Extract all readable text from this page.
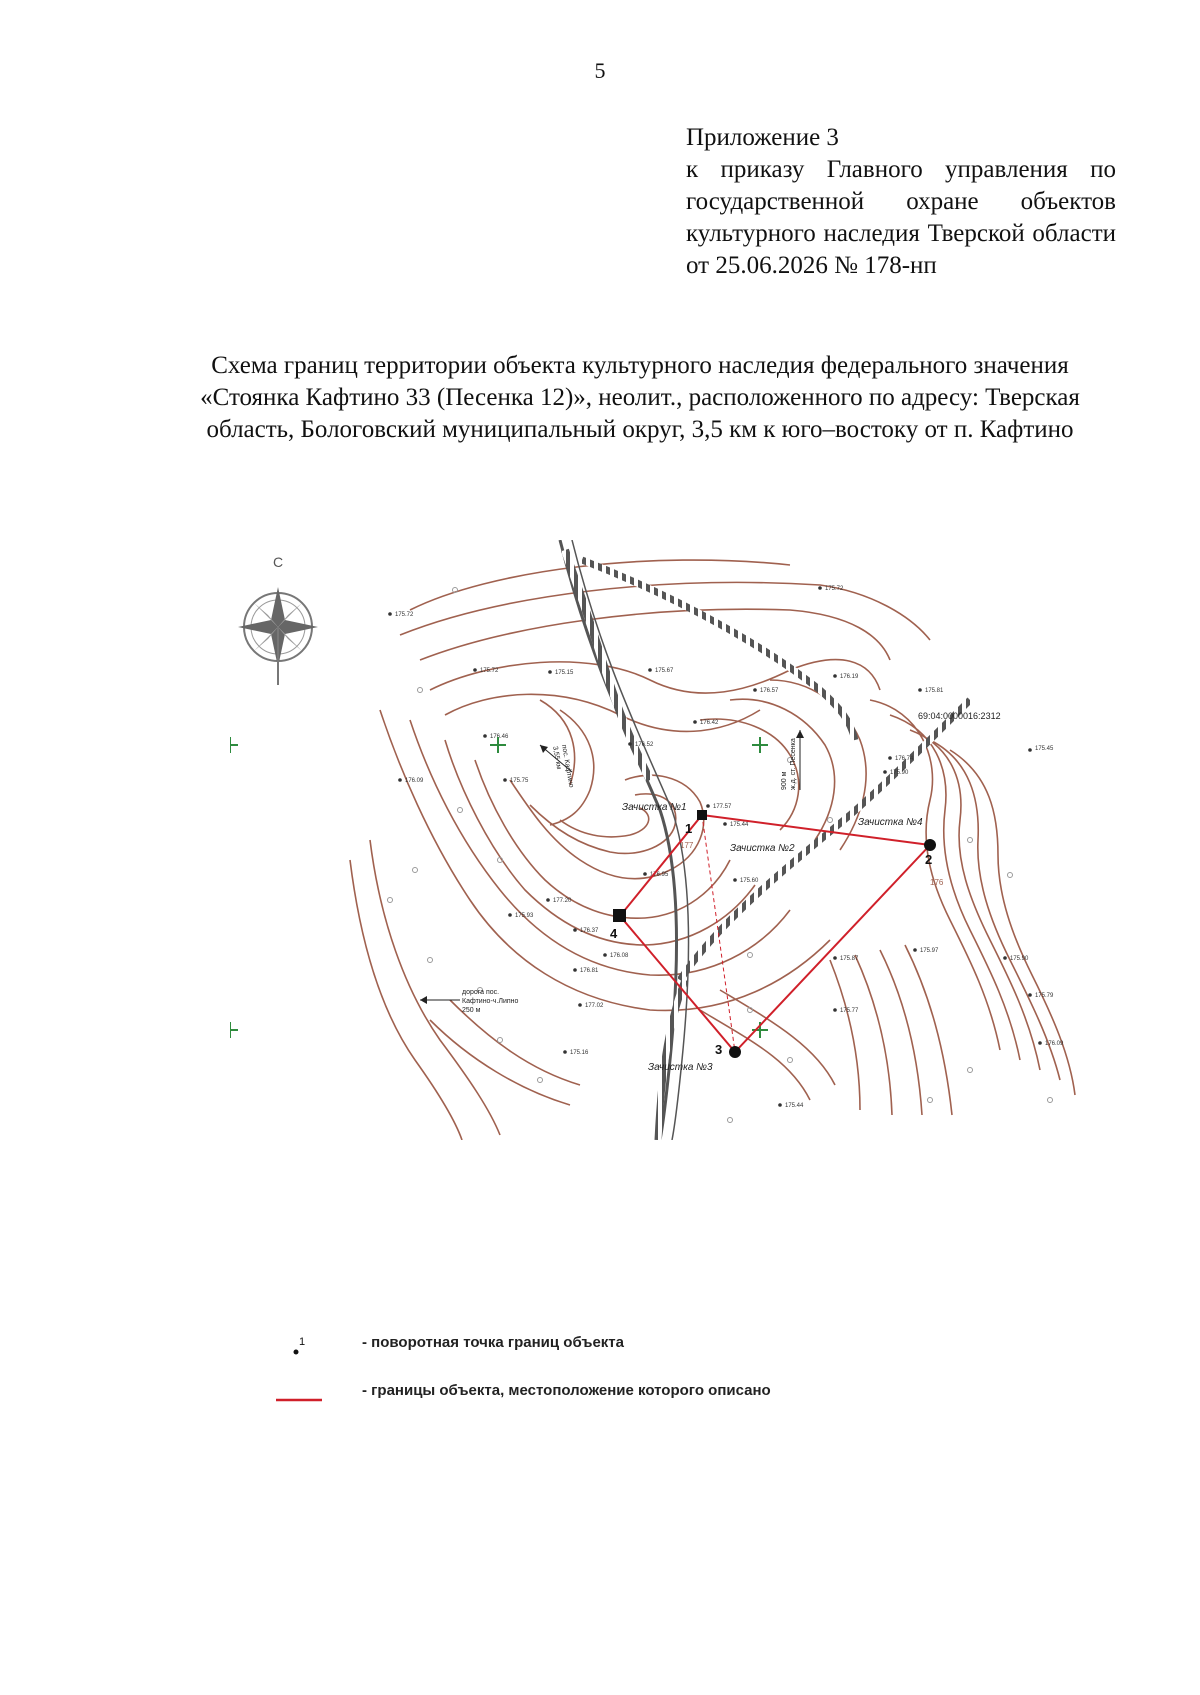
5
Приложение 3
к приказу Главного управления по государственной охране объектов культурного наследия Тверской области от 25.06.2026 № 178-нп
Схема границ территории объекта культурного наследия федерального значения «Стоянка Кафтино 33 (Песенка 12)», неолит., расположенного по адресу: Тверская область, Бологовский муниципальный округ, 3,5 км к юго–востоку от п. Кафтино
С
177
176
175.72
175.72
175.72	175.15	175.67
176.57
176.19
175.81
175.45
176.42
176.52
176.74
175.90
176.46
175.75
176.09
177.57
175.44
176.95
175.60
177.20
176.37
175.93
176.08
176.81
177.02
175.87
175.97
175.77
175.90
175.79
176.09
175.16
175.44
1
2
3
4
Зачистка №1
Зачистка №4
Зачистка №3
Зачистка №2
69:04:0000016:2312
дорога пос.
Кафтино-ч.Липно
250 м
пос. Кафтино
3,55 км	ж.д. ст. Песенка
900 м
1	- поворотная точка границ объекта
- границы объекта, местоположение которого описано
